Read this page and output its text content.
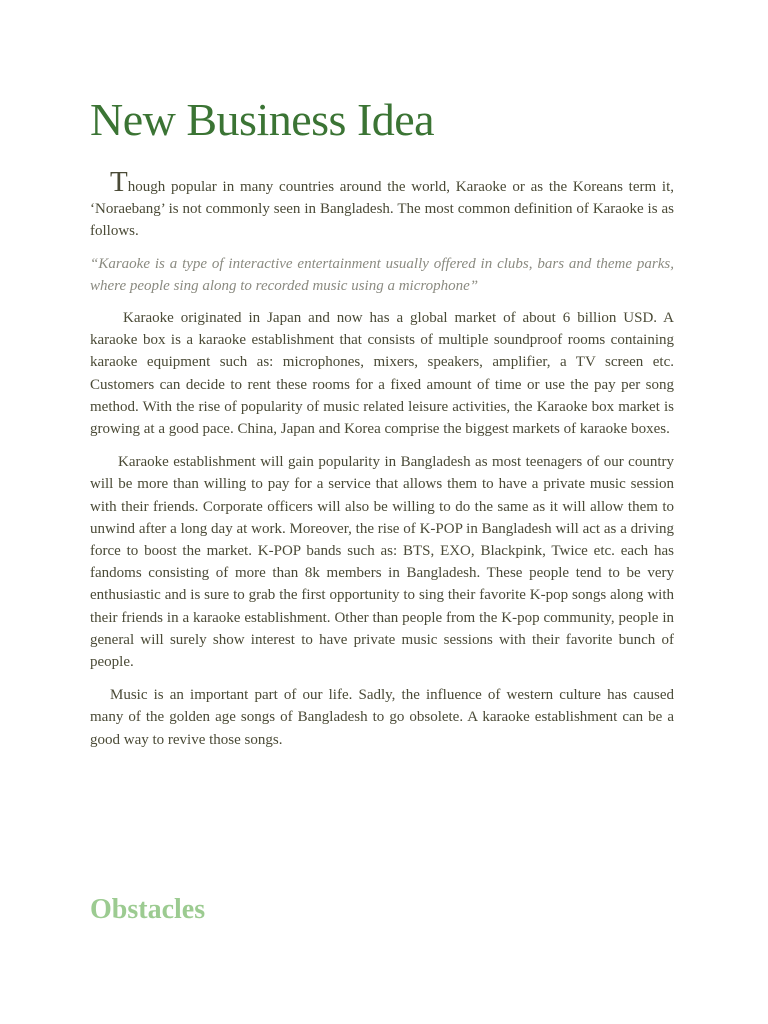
New Business Idea

Though popular in many countries around the world, Karaoke or as the Koreans term it, ‘Noraebang’ is not commonly seen in Bangladesh. The most common definition of Karaoke is as follows.

“Karaoke is a type of interactive entertainment usually offered in clubs, bars and theme parks, where people sing along to recorded music using a microphone”

Karaoke originated in Japan and now has a global market of about 6 billion USD. A karaoke box is a karaoke establishment that consists of multiple soundproof rooms containing karaoke equipment such as: microphones, mixers, speakers, amplifier, a TV screen etc. Customers can decide to rent these rooms for a fixed amount of time or use the pay per song method. With the rise of popularity of music related leisure activities, the Karaoke box market is growing at a good pace. China, Japan and Korea comprise the biggest markets of karaoke boxes.

Karaoke establishment will gain popularity in Bangladesh as most teenagers of our country will be more than willing to pay for a service that allows them to have a private music session with their friends. Corporate officers will also be willing to do the same as it will allow them to unwind after a long day at work. Moreover, the rise of K-POP in Bangladesh will act as a driving force to boost the market. K-POP bands such as: BTS, EXO, Blackpink, Twice etc. each has fandoms consisting of more than 8k members in Bangladesh. These people tend to be very enthusiastic and is sure to grab the first opportunity to sing their favorite K-pop songs along with their friends in a karaoke establishment. Other than people from the K-pop community, people in general will surely show interest to have private music sessions with their favorite bunch of people.

Music is an important part of our life. Sadly, the influence of western culture has caused many of the golden age songs of Bangladesh to go obsolete. A karaoke establishment can be a good way to revive those songs.

Obstacles
